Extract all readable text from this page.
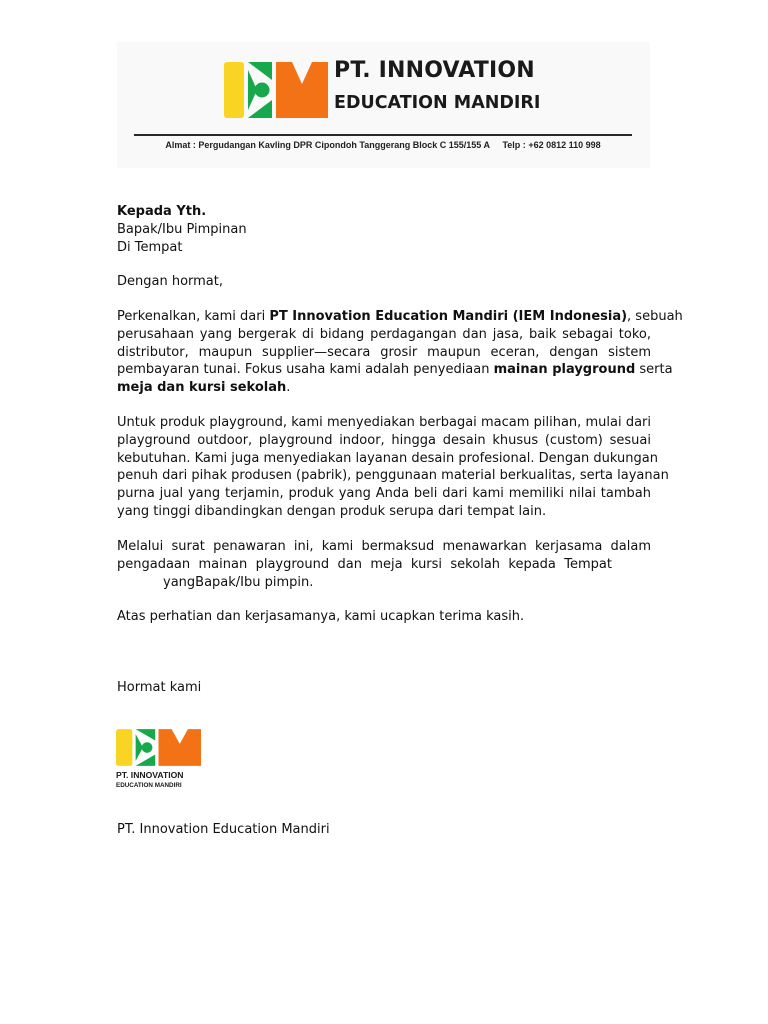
PT. INNOVATION
EDUCATION MANDIRI
Almat : Pergudangan Kavling DPR Cipondoh Tanggerang Block C 155/155 A Telp : +62 0812 110 998
Kepada Yth.
Bapak/Ibu Pimpinan
Di Tempat
Dengan hormat,
Perkenalkan, kami dari PT Innovation Education Mandiri (IEM Indonesia), sebuah
perusahaan yang bergerak di bidang perdagangan dan jasa, baik sebagai toko,
distributor, maupun supplier—secara grosir maupun eceran, dengan sistem
pembayaran tunai. Fokus usaha kami adalah penyediaan mainan playground serta
meja dan kursi sekolah.
Untuk produk playground, kami menyediakan berbagai macam pilihan, mulai dari
playground outdoor, playground indoor, hingga desain khusus (custom) sesuai
kebutuhan. Kami juga menyediakan layanan desain profesional. Dengan dukungan
penuh dari pihak produsen (pabrik), penggunaan material berkualitas, serta layanan
purna jual yang terjamin, produk yang Anda beli dari kami memiliki nilai tambah
yang tinggi dibandingkan dengan produk serupa dari tempat lain.
Melalui surat penawaran ini, kami bermaksud menawarkan kerjasama dalam
pengadaan mainan playground dan meja kursi sekolah kepada Tempat
yangBapak/Ibu pimpin.
Atas perhatian dan kerjasamanya, kami ucapkan terima kasih.
Hormat kami
PT. INNOVATION
EDUCATION MANDIRI
PT. Innovation Education Mandiri
